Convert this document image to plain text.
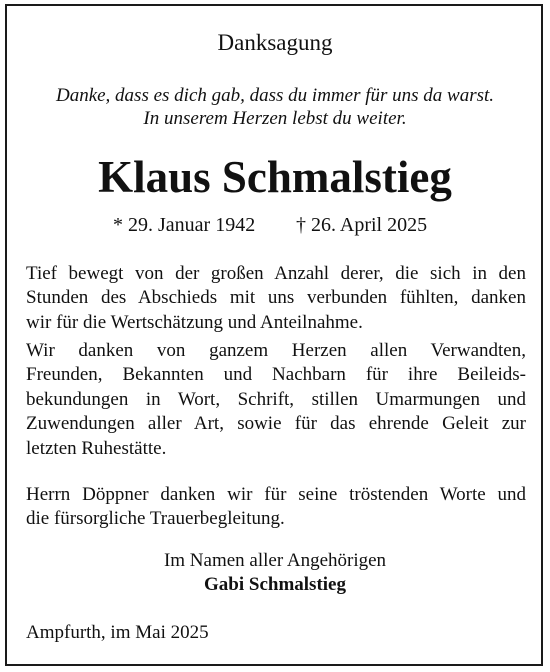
Danksagung
Danke, dass es dich gab, dass du immer für uns da warst.
In unserem Herzen lebst du weiter.
Klaus Schmalstieg
* 29. Januar 1942 † 26. April 2025
Tief bewegt von der großen Anzahl derer, die sich in den
Stunden des Abschieds mit uns verbunden fühlten, danken
wir für die Wertschätzung und Anteilnahme.
Wir danken von ganzem Herzen allen Verwandten,
Freunden, Bekannten und Nachbarn für ihre Beileids-
bekundungen in Wort, Schrift, stillen Umarmungen und
Zuwendungen aller Art, sowie für das ehrende Geleit zur
letzten Ruhestätte.
Herrn Döppner danken wir für seine tröstenden Worte und
die fürsorgliche Trauerbegleitung.
Im Namen aller Angehörigen
Gabi Schmalstieg
Ampfurth, im Mai 2025
